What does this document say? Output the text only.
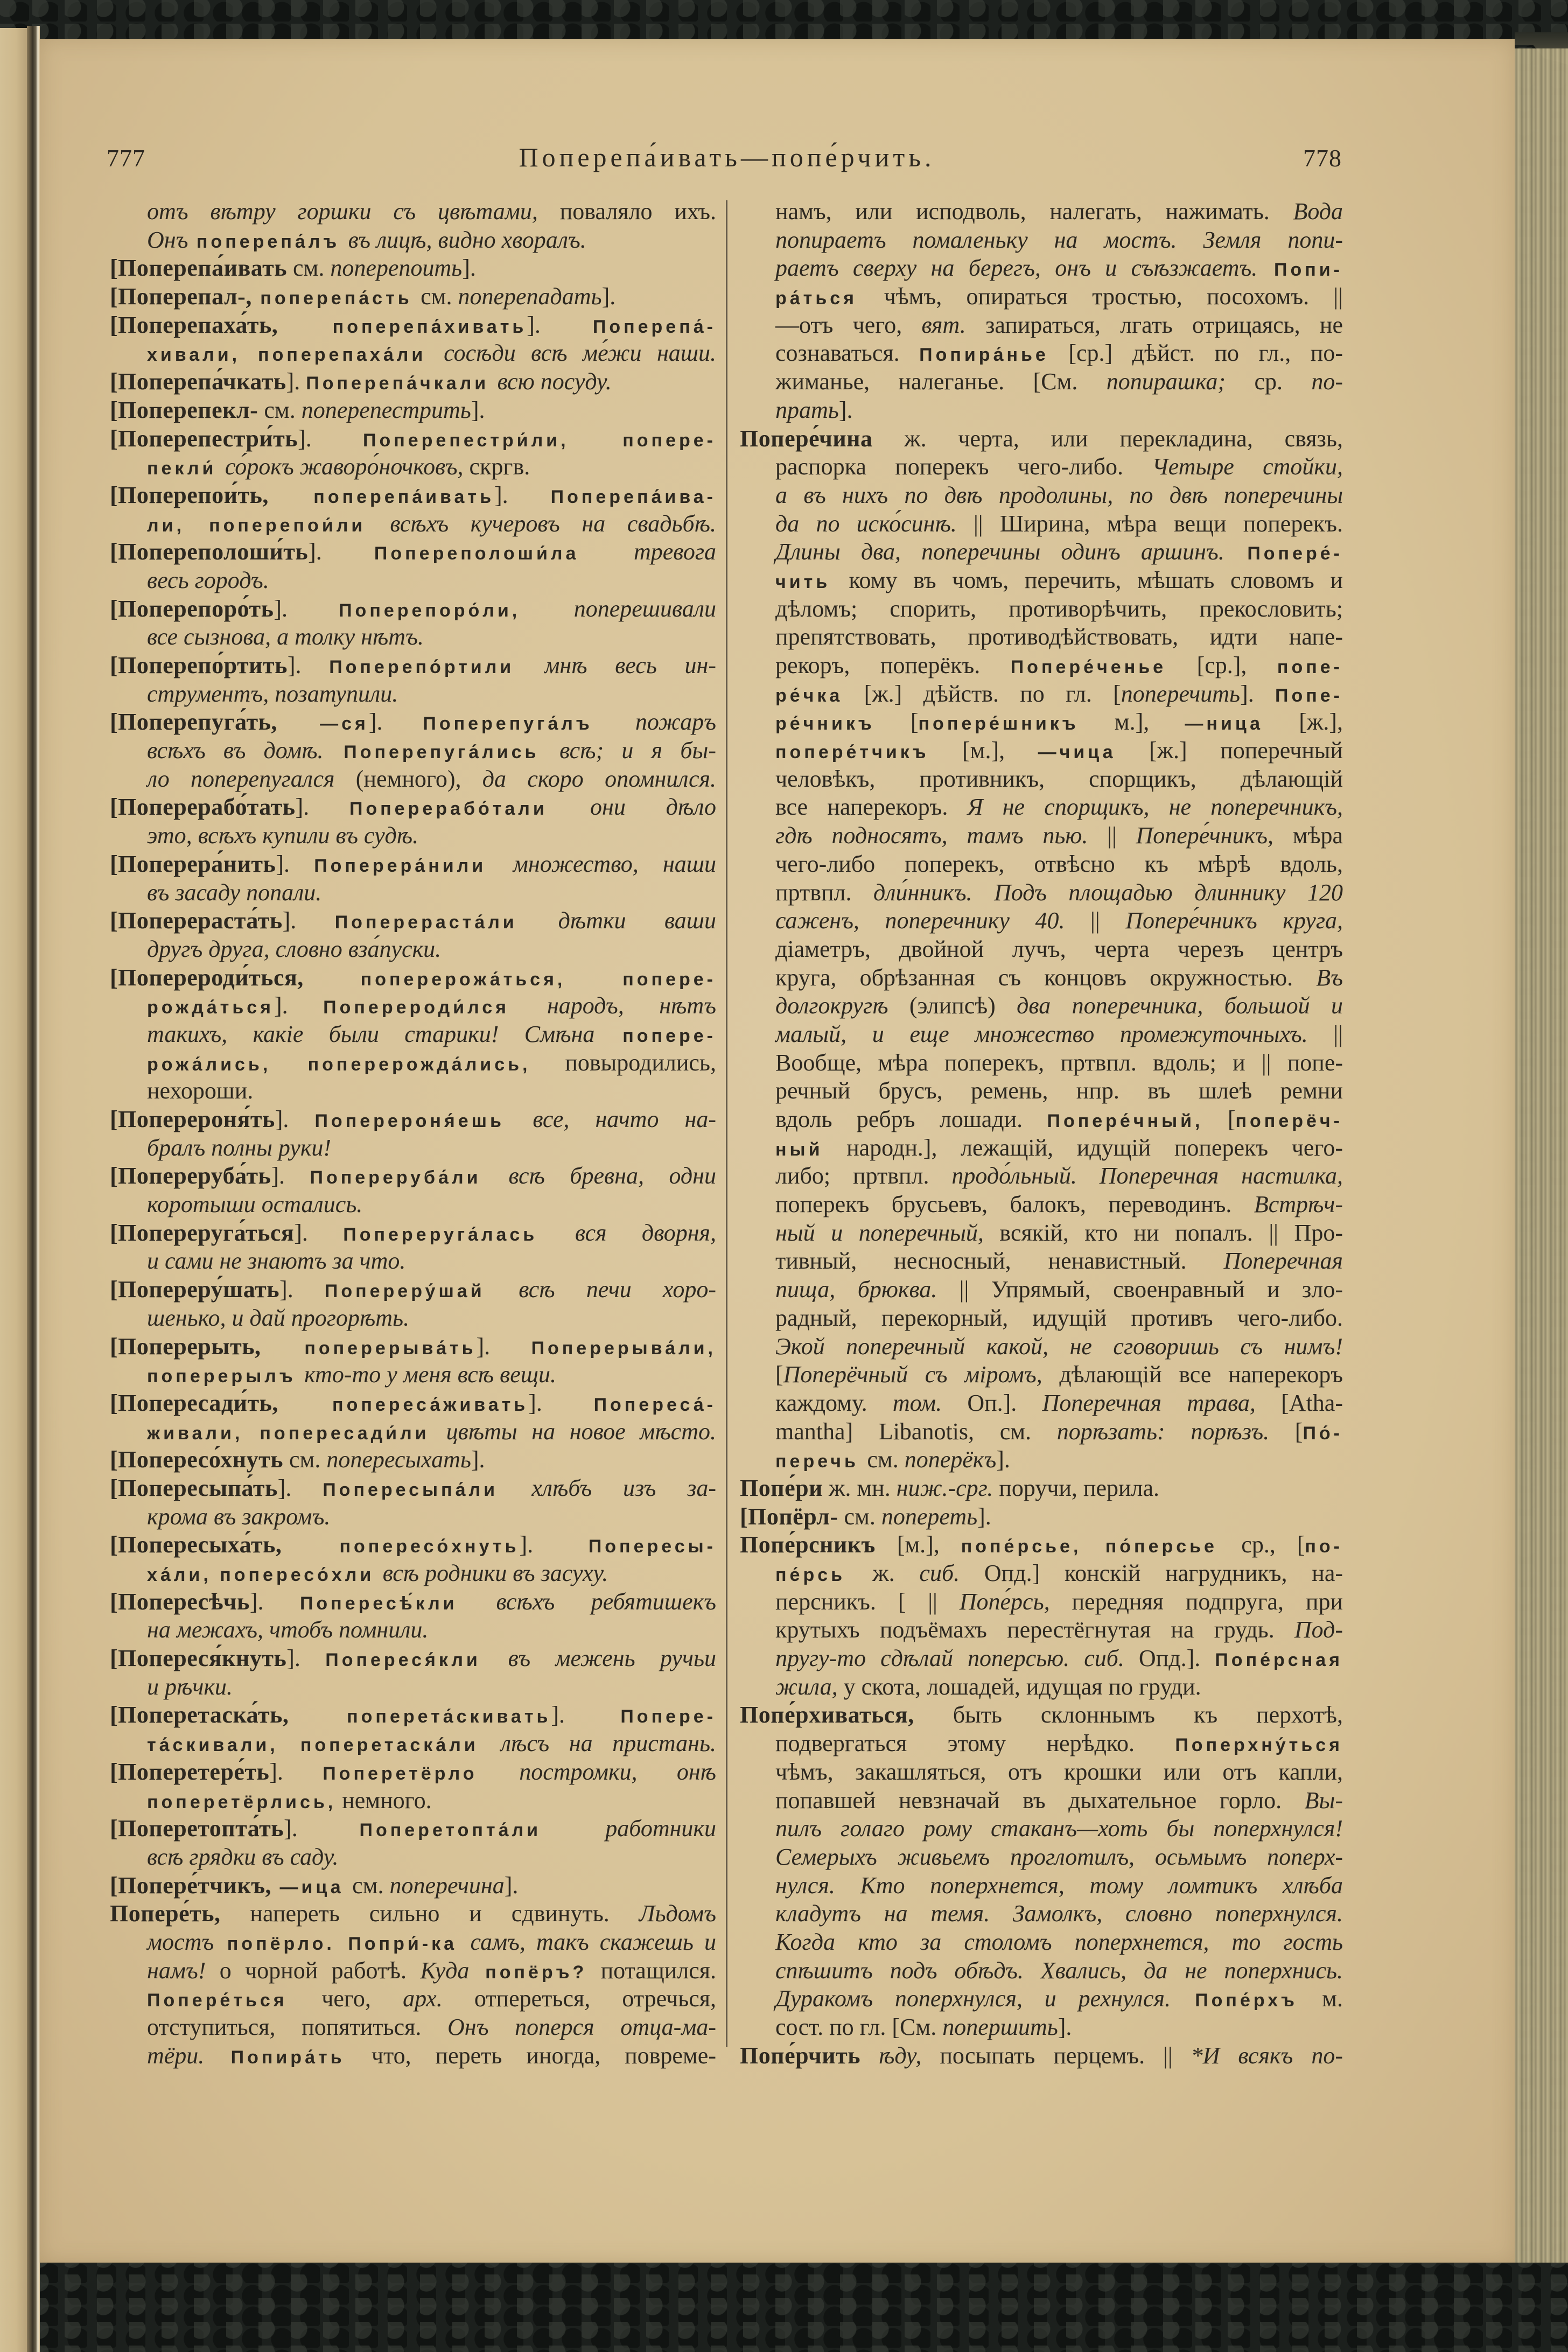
777	Поперепа́ивать—попе́рчить.	778
отъ вѣтру горшки съ цвѣтами, поваляло ихъ.
Онъ поперепа́лъ въ лицѣ, видно хворалъ.
[Поперепа́ивать см. поперепоить].
[Поперепал-, поперепа́сть см. поперепадать].
[Поперепаха́ть, поперепа́хивать]. Поперепа́-
хивали, поперепаха́ли сосѣди всѣ ме́жи наши.
[Поперепа́чкать]. Поперепа́чкали всю посуду.
[Поперепекл- см. поперепестрить].
[Поперепестри́ть]. Поперепестри́ли, попере-
пекли́ со́рокъ жаворо́ночковъ, скргв.
[Поперепои́ть, поперепа́ивать]. Поперепа́ива-
ли, поперепои́ли всѣхъ кучеровъ на свадьбѣ.
[Попереполоши́ть]. Попереполоши́ла тревога
весь городъ.
[Поперепоро́ть]. Поперепоро́ли, поперешивали
все сызнова, а толку нѣтъ.
[Поперепо́ртить]. Поперепо́ртили мнѣ весь ин-
струментъ, позатупили.
[Поперепуга́ть, —ся]. Поперепуга́лъ пожаръ
всѣхъ въ домѣ. Поперепуга́лись всѣ; и я бы-
ло поперепугался (немного), да скоро опомнился.
[Поперерабо́тать]. Поперерабо́тали они дѣло
это, всѣхъ купили въ судѣ.
[Поперера́нить]. Поперера́нили множество, наши
въ засаду попали.
[Поперераста́ть]. Поперераста́ли дѣтки ваши
другъ друга, словно вза́пуски.
[Поперероди́ться, поперерожа́ться, попере-
рожда́ться]. Поперероди́лся народъ, нѣтъ
такихъ, какiе были старики! Смѣна попере-
рожа́лись, поперерожда́лись, повыродились,
нехороши.
[Поперероня́ть]. Поперероня́ешь все, начто на-
бралъ полны руки!
[Попереруба́ть]. Попереруба́ли всѣ бревна, одни
коротыши остались.
[Попереруга́ться]. Попереруга́лась вся дворня,
и сами не знаютъ за что.
[Попереру́шать]. Попереру́шай всѣ печи хоро-
шенько, и дай прогорѣть.
[Поперерыть, поперерыва́ть]. Поперерыва́ли,
поперерылъ кто-то у меня всѣ вещи.
[Попересади́ть, попереса́живать]. Попереса́-
живали, попересади́ли цвѣты на новое мѣсто.
[Попересо́хнуть см. попересыхать].
[Попересыпа́ть]. Попересыпа́ли хлѣбъ изъ за-
крома въ закромъ.
[Попересыха́ть, попересо́хнуть]. Попересы-
ха́ли, попересо́хли всѣ родники въ засуху.
[Попересѣчь]. Попересѣ́кли всѣхъ ребятишекъ
на межахъ, чтобъ помнили.
[Попереся́кнуть]. Попереся́кли въ межень ручьи
и рѣчки.
[Поперетаска́ть, поперета́скивать]. Попере-
та́скивали, поперетаска́ли лѣсъ на пристань.
[Поперетере́ть]. Поперетёрло постромки, онѣ
поперетёрлись, немного.
[Поперетопта́ть]. Поперетопта́ли работники
всѣ грядки въ саду.
[Попере́тчикъ, —ица см. поперечина].
Попере́ть, напереть сильно и сдвинуть. Льдомъ
мостъ попёрло. Попри́-ка самъ, такъ скажешь и
намъ! о чорной работѣ. Куда попёръ? потащился.
Попере́ться чего, арх. отпереться, отречься,
отступиться, попятиться. Онъ поперся отца-ма-
тёри. Попира́ть что, переть иногда, повреме-
намъ, или исподволь, налегать, нажимать. Вода
попираетъ помаленьку на мостъ. Земля попи-
раетъ сверху на берегъ, онъ и съѣзжаетъ. Попи-
ра́ться чѣмъ, опираться тростью, посохомъ. ||
—отъ чего, вят. запираться, лгать отрицаясь, не
сознаваться. Попира́нье [ср.] дѣйст. по гл., по-
жиманье, налеганье. [См. попирашка; ср. по-
прать].
Попере́чина ж. черта, или перекладина, связь,
распорка поперекъ чего-либо. Четыре стойки,
а въ нихъ по двѣ продолины, по двѣ поперечины
да по иско́синѣ. || Ширина, мѣра вещи поперекъ.
Длины два, поперечины одинъ аршинъ. Попере́-
чить кому въ чомъ, перечить, мѣшать словомъ и
дѣломъ; спорить, противорѣчить, прекословить;
препятствовать, противодѣйствовать, идти напе-
рекоръ, поперёкъ. Попере́ченье [ср.], попе-
ре́чка [ж.] дѣйств. по гл. [поперечить]. Попе-
ре́чникъ [попере́шникъ м.], —ница [ж.],
попере́тчикъ [м.], —чица [ж.] поперечный
человѣкъ, противникъ, спорщикъ, дѣлающiй
все наперекоръ. Я не спорщикъ, не поперечникъ,
гдѣ подносятъ, тамъ пью. || Попере́чникъ, мѣра
чего-либо поперекъ, отвѣсно къ мѣрѣ вдоль,
пртвпл. дли́нникъ. Подъ площадью длиннику 120
саженъ, поперечнику 40. || Попере́чникъ круга,
дiаметръ, двойной лучъ, черта черезъ центръ
круга, обрѣзанная съ концовъ окружностью. Въ
долгокругѣ (элипсѣ) два поперечника, большой и
малый, и еще множество промежуточныхъ. ||
Вообще, мѣра поперекъ, пртвпл. вдоль; и || попе-
речный брусъ, ремень, нпр. въ шлеѣ ремни
вдоль ребръ лошади. Попере́чный, [поперёч-
ный народн.], лежащiй, идущiй поперекъ чего-
либо; пртвпл. продо́льный. Поперечная настилка,
поперекъ брусьевъ, балокъ, переводинъ. Встрѣч-
ный и поперечный, всякiй, кто ни попалъ. || Про-
тивный, несносный, ненавистный. Поперечная
пища, брюква. || Упрямый, своенравный и зло-
радный, перекорный, идущiй противъ чего-либо.
Экой поперечный какой, не сговоришь съ нимъ!
[Поперёчный съ мiромъ, дѣлающiй все наперекоръ
каждому. том. Оп.]. Поперечная трава, [Atha-
mantha] Libanotis, см. порѣзать: порѣзъ. [По́-
перечь см. поперёкъ].
Попе́ри ж. мн. ниж.-срг. поручи, перила.
[Попёрл- см. попереть].
Попе́рсникъ [м.], попе́рсье, по́персье ср., [по-
пе́рсь ж. сиб. Опд.] конскiй нагрудникъ, на-
персникъ. [ || Попе́рсь, передняя подпруга, при
крутыхъ подъёмахъ перестёгнутая на грудь. Под-
пругу-то сдѣлай поперсью. сиб. Опд.]. Попе́рсная
жила, у скота, лошадей, идущая по груди.
Попе́рхиваться, быть склоннымъ къ перхотѣ,
подвергаться этому нерѣдко. Поперхну́ться
чѣмъ, закашляться, отъ крошки или отъ капли,
попавшей невзначай въ дыхательное горло. Вы-
пилъ голаго рому стаканъ—хоть бы поперхнулся!
Семерыхъ живьемъ проглотилъ, осьмымъ поперх-
нулся. Кто поперхнется, тому ломтикъ хлѣба
кладутъ на темя. Замолкъ, словно поперхнулся.
Когда кто за столомъ поперхнется, то гость
спѣшитъ подъ обѣдъ. Хвались, да не поперхнись.
Дуракомъ поперхнулся, и рехнулся. Попе́рхъ м.
сост. по гл. [См. попершить].
Попе́рчить ѣду, посыпать перцемъ. || *И всякъ по-
